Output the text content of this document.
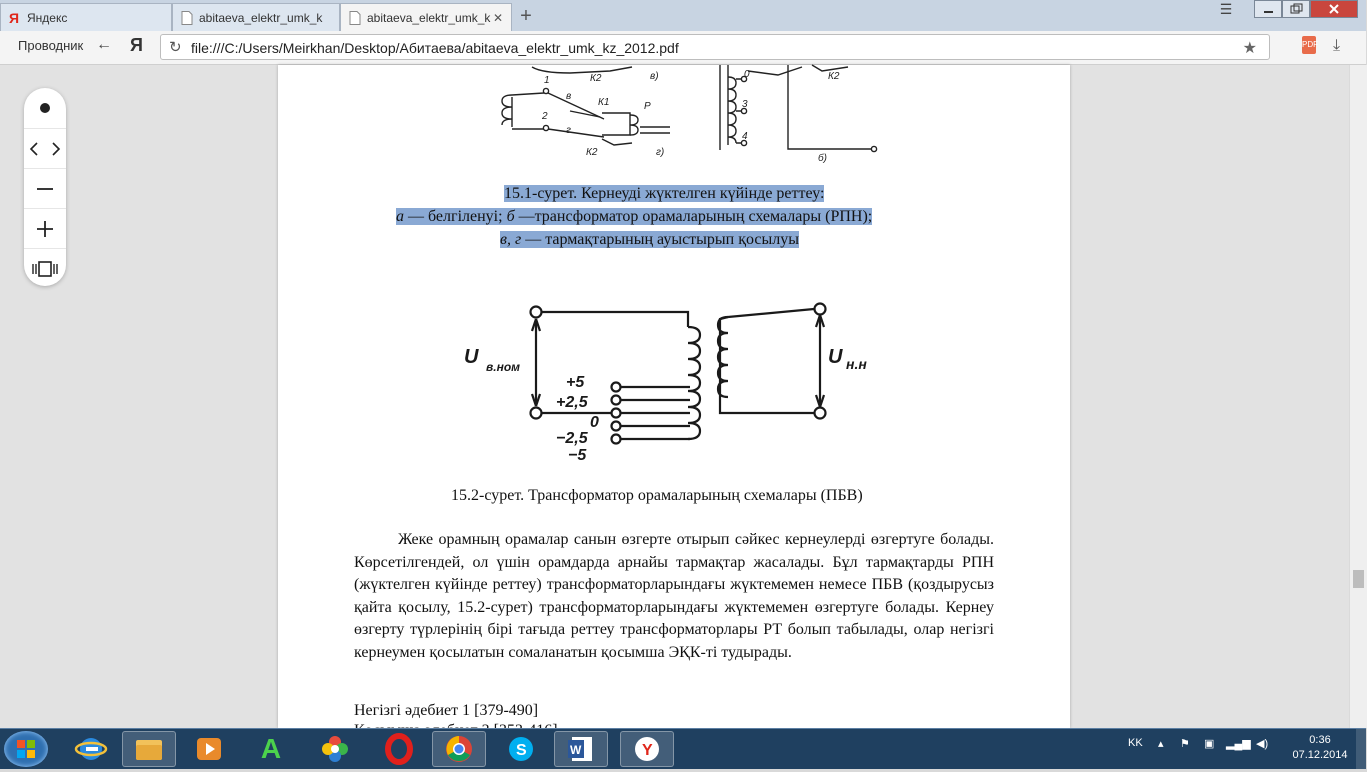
Я Яндекс	abitaeva_elektr_umk_k	abitaeva_elektr_umk_k ✕ +	☰
Проводник ← Я ↻ file:///C:/Users/Meirkhan/Desktop/Абитаева/abitaeva_elektr_umk_kz_2012.pdf	★	PDF ⤓
К2	в)
1
в
К1	Р
2
г
К2	г)
0	К2
3
4
б)
15.1-сурет. Кернеуді жүктелген күйінде реттеу:
а — белгіленуі; б —трансформатор орамаларының схемалары (РПН);
в, г — тармақтарының ауыстырып қосылуы
U в.ном	U н.н
+5
+2,5
0
−2,5
−5
15.2-сурет. Трансформатор орамаларының схемалары (ПБВ)
Жеке орамның орамалар санын өзгерте отырып сәйкес кернеулерді өзгертуге болады. Көрсетілгендей, ол үшін орамдарда арнайы тармақтар жасалады. Бұл тармақтарды РПН (жүктелген күйінде реттеу) трансформаторларындағы жүктемемен немесе ПБВ (қоздырусыз қайта қосылу, 15.2-сурет) трансформаторларындағы жүктемемен өзгертуге болады. Кернеу өзгерту түрлерінің бірі тағыда реттеу трансформаторлары РТ болып табылады, олар негізгі кернеумен қосылатын сомаланатын қосымша ЭҚК-ті тудырады.
Негізгі әдебиет 1 [379-490]
A	S	W	Y	KK ▴ ⚑ ▣ ▂▄▆ ◀)	0:36
07.12.2014
